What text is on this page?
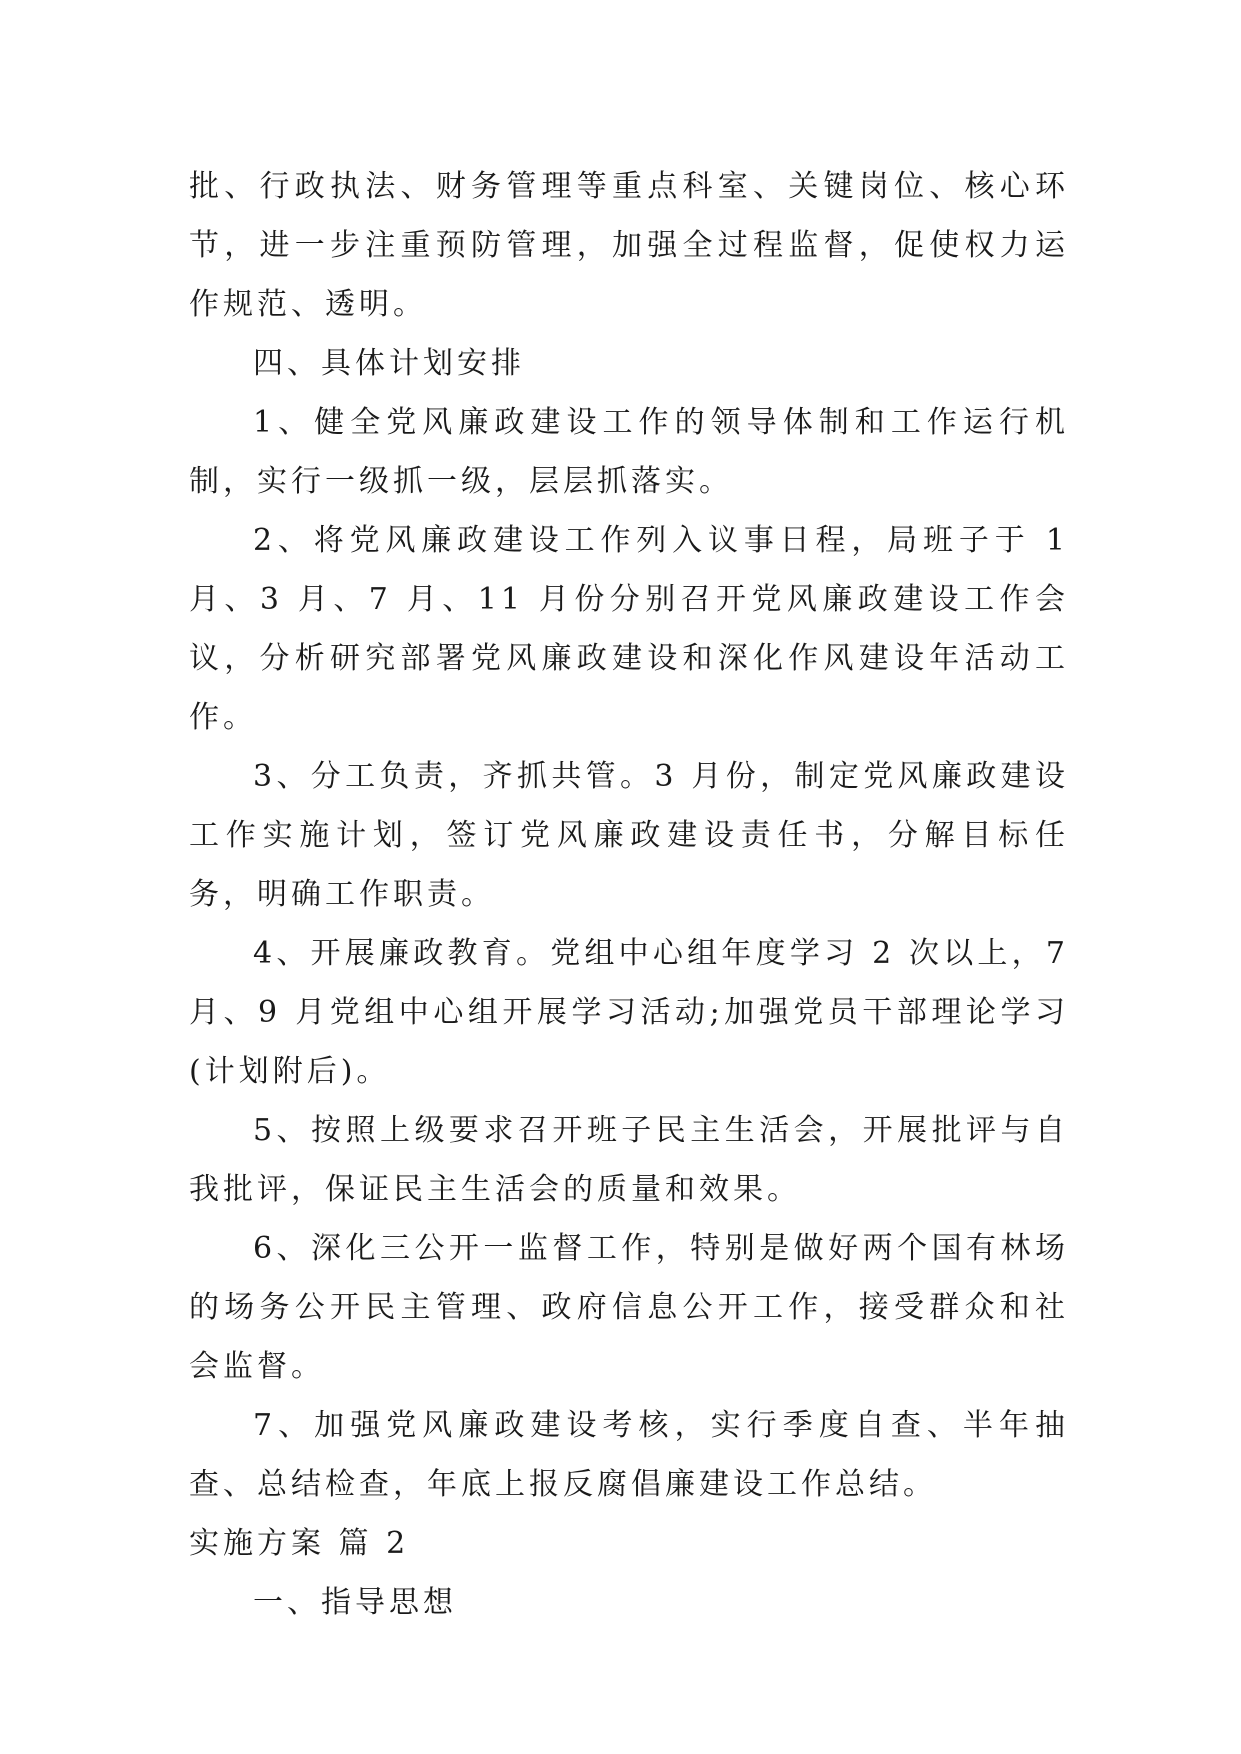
批、行政执法、财务管理等重点科室、关键岗位、核心环节，进一步注重预防管理，加强全过程监督，促使权力运作规范、透明。

四、具体计划安排

1、健全党风廉政建设工作的领导体制和工作运行机制，实行一级抓一级，层层抓落实。

2、将党风廉政建设工作列入议事日程，局班子于 1 月、3 月、7 月、11 月份分别召开党风廉政建设工作会议，分析研究部署党风廉政建设和深化作风建设年活动工作。

3、分工负责，齐抓共管。3 月份，制定党风廉政建设工作实施计划，签订党风廉政建设责任书，分解目标任务，明确工作职责。

4、开展廉政教育。党组中心组年度学习 2 次以上，7 月、9 月党组中心组开展学习活动;加强党员干部理论学习(计划附后)。

5、按照上级要求召开班子民主生活会，开展批评与自我批评，保证民主生活会的质量和效果。

6、深化三公开一监督工作，特别是做好两个国有林场的场务公开民主管理、政府信息公开工作，接受群众和社会监督。

7、加强党风廉政建设考核，实行季度自查、半年抽查、总结检查，年底上报反腐倡廉建设工作总结。

实施方案 篇 2

一、指导思想
